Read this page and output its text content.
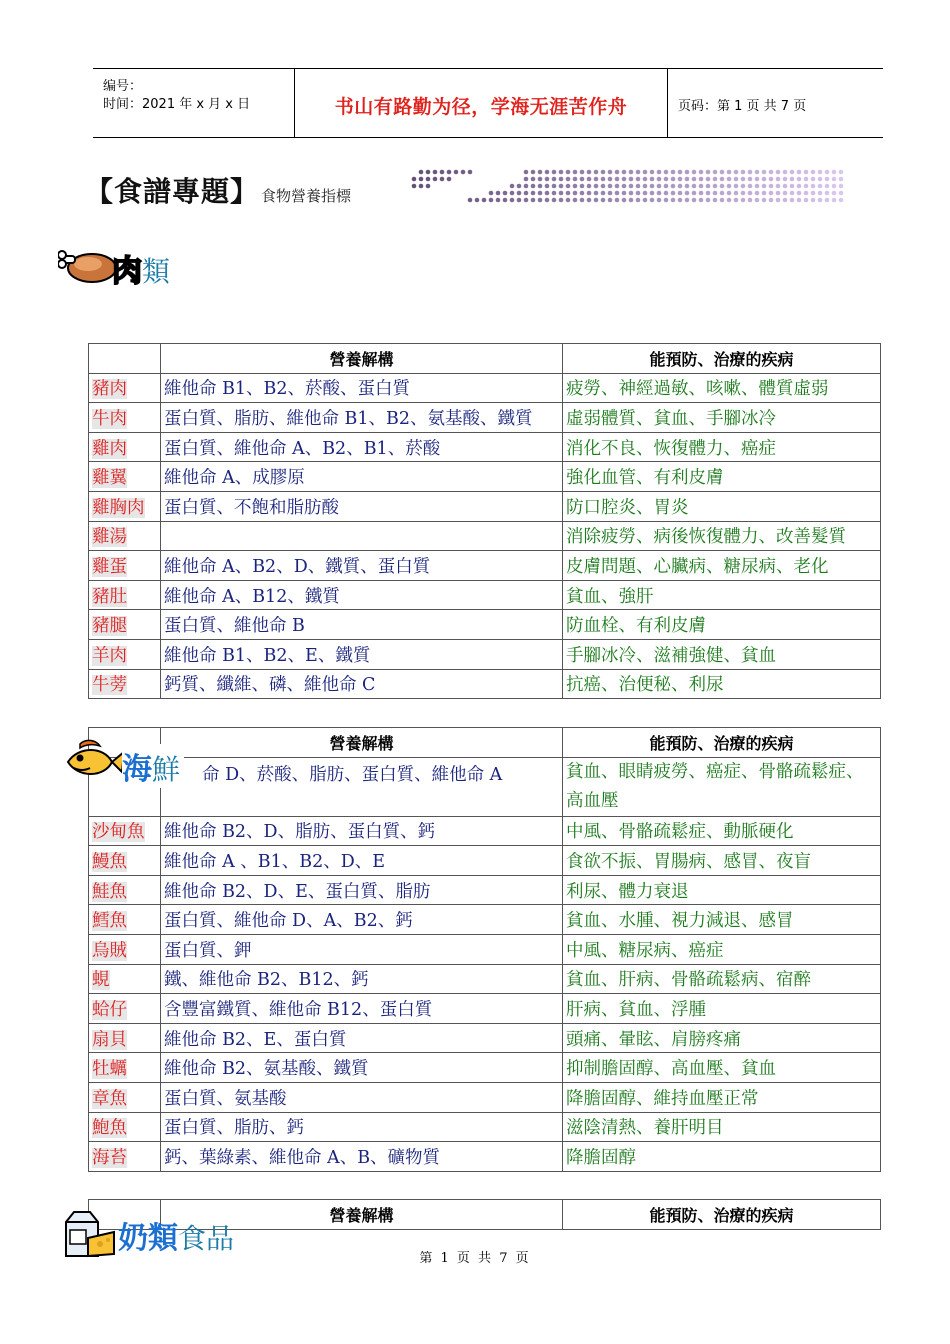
编号：
时间：2021 年 x 月 x 日	书山有路勤为径，学海无涯苦作舟	页码：第 1 页 共 7 页
【食譜專題】 食物營養指標
肉類
	營養解構	能預防、治療的疾病
豬肉	維他命 B1、B2、菸酸、蛋白質	疲勞、神經過敏、咳嗽、體質虛弱
牛肉	蛋白質、脂肪、維他命 B1、B2、氨基酸、鐵質	虛弱體質、貧血、手腳冰冷
雞肉	蛋白質、維他命 A、B2、B1、菸酸	消化不良、恢復體力、癌症
雞翼	維他命 A、成膠原	強化血管、有利皮膚
雞胸肉	蛋白質、不飽和脂肪酸	防口腔炎、胃炎
雞湯		消除疲勞、病後恢復體力、改善髮質
雞蛋	維他命 A、B2、D、鐵質、蛋白質	皮膚問題、心臟病、糖尿病、老化
豬肚	維他命 A、B12、鐵質	貧血、強肝
豬腿	蛋白質、維他命 B	防血栓、有利皮膚
羊肉	維他命 B1、B2、E、鐵質	手腳冰冷、滋補強健、貧血
牛蒡	鈣質、纖維、磷、維他命 C	抗癌、治便秘、利尿
	營養解構	能預防、治療的疾病
	命 D、菸酸、脂肪、蛋白質、維他命 A	貧血、眼睛疲勞、癌症、骨骼疏鬆症、高血壓
沙甸魚	維他命 B2、D、脂肪、蛋白質、鈣	中風、骨骼疏鬆症、動脈硬化
鰻魚	維他命 A 、B1、B2、D、E	食欲不振、胃腸病、感冒、夜盲
鮭魚	維他命 B2、D、E、蛋白質、脂肪	利尿、體力衰退
鱈魚	蛋白質、維他命 D、A、B2、鈣	貧血、水腫、視力減退、感冒
烏賊	蛋白質、鉀	中風、糖尿病、癌症
蜆	鐵、維他命 B2、B12、鈣	貧血、肝病、骨骼疏鬆病、宿醉
蛤仔	含豐富鐵質、維他命 B12、蛋白質	肝病、貧血、浮腫
扇貝	維他命 B2、E、蛋白質	頭痛、暈眩、肩膀疼痛
牡蠣	維他命 B2、氨基酸、鐵質	抑制膽固醇、高血壓、貧血
章魚	蛋白質、氨基酸	降膽固醇、維持血壓正常
鮑魚	蛋白質、脂肪、鈣	滋陰清熱、養肝明目
海苔	鈣、葉綠素、維他命 A、B、礦物質	降膽固醇
海鮮
	營養解構	能預防、治療的疾病
奶類食品
第 1 页 共 7 页
